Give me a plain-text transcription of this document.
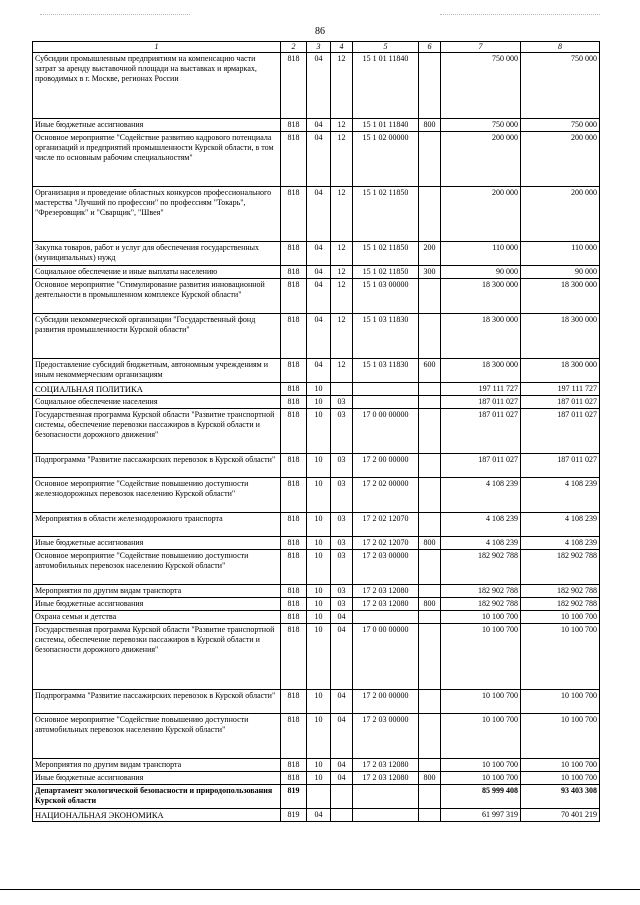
86
1	2	3	4	5	6	7	8
Субсидии промышленным предприятиям на компенсацию части затрат за аренду выставочной площади на выставках и ярмарках, проводимых в г. Москве, регионах России	818	04	12	15 1 01 11840		750 000	750 000
Иные бюджетные ассигнования	818	04	12	15 1 01 11840	800	750 000	750 000
Основное мероприятие "Содействие развитию кадрового потенциала организаций и предприятий промышленности Курской области, в том числе по основным рабочим специальностям"	818	04	12	15 1 02 00000		200 000	200 000
Организация и проведение областных конкурсов профессионального мастерства "Лучший по профессии" по профессиям "Токарь", "Фрезеровщик" и "Сварщик", "Швея"	818	04	12	15 1 02 11850		200 000	200 000
Закупка товаров, работ и услуг для обеспечения государственных (муниципальных) нужд	818	04	12	15 1 02 11850	200	110 000	110 000
Социальное обеспечение и иные выплаты населению	818	04	12	15 1 02 11850	300	90 000	90 000
Основное мероприятие "Стимулирование развития инновационной деятельности в промышленном комплексе Курской области"	818	04	12	15 1 03 00000		18 300 000	18 300 000
Субсидии некоммерческой организации "Государственный фонд развития промышленности Курской области"	818	04	12	15 1 03 11830		18 300 000	18 300 000
Предоставление субсидий бюджетным, автономным учреждениям и иным некоммерческим организациям	818	04	12	15 1 03 11830	600	18 300 000	18 300 000
СОЦИАЛЬНАЯ ПОЛИТИКА	818	10				197 111 727	197 111 727
Социальное обеспечение населения	818	10	03			187 011 027	187 011 027
Государственная программа Курской области "Развитие транспортной системы, обеспечение перевозки пассажиров в Курской области и безопасности дорожного движения"	818	10	03	17 0 00 00000		187 011 027	187 011 027
Подпрограмма "Развитие пассажирских перевозок в Курской области"	818	10	03	17 2 00 00000		187 011 027	187 011 027
Основное мероприятие "Содействие повышению доступности железнодорожных перевозок населению Курской области"	818	10	03	17 2 02 00000		4 108 239	4 108 239
Мероприятия в области железнодорожного транспорта	818	10	03	17 2 02 12070		4 108 239	4 108 239
Иные бюджетные ассигнования	818	10	03	17 2 02 12070	800	4 108 239	4 108 239
Основное мероприятие "Содействие повышению доступности автомобильных перевозок населению Курской области"	818	10	03	17 2 03 00000		182 902 788	182 902 788
Мероприятия по другим видам транспорта	818	10	03	17 2 03 12080		182 902 788	182 902 788
Иные бюджетные ассигнования	818	10	03	17 2 03 12080	800	182 902 788	182 902 788
Охрана семьи и детства	818	10	04			10 100 700	10 100 700
Государственная программа Курской области "Развитие транспортной системы, обеспечение перевозки пассажиров в Курской области и безопасности дорожного движения"	818	10	04	17 0 00 00000		10 100 700	10 100 700
Подпрограмма "Развитие пассажирских перевозок в Курской области"	818	10	04	17 2 00 00000		10 100 700	10 100 700
Основное мероприятие "Содействие повышению доступности автомобильных перевозок населению Курской области"	818	10	04	17 2 03 00000		10 100 700	10 100 700
Мероприятия по другим видам транспорта	818	10	04	17 2 03 12080		10 100 700	10 100 700
Иные бюджетные ассигнования	818	10	04	17 2 03 12080	800	10 100 700	10 100 700
Департамент экологической безопасности и природопользования Курской области	819					85 999 408	93 403 308
НАЦИОНАЛЬНАЯ ЭКОНОМИКА	819	04				61 997 319	70 401 219
